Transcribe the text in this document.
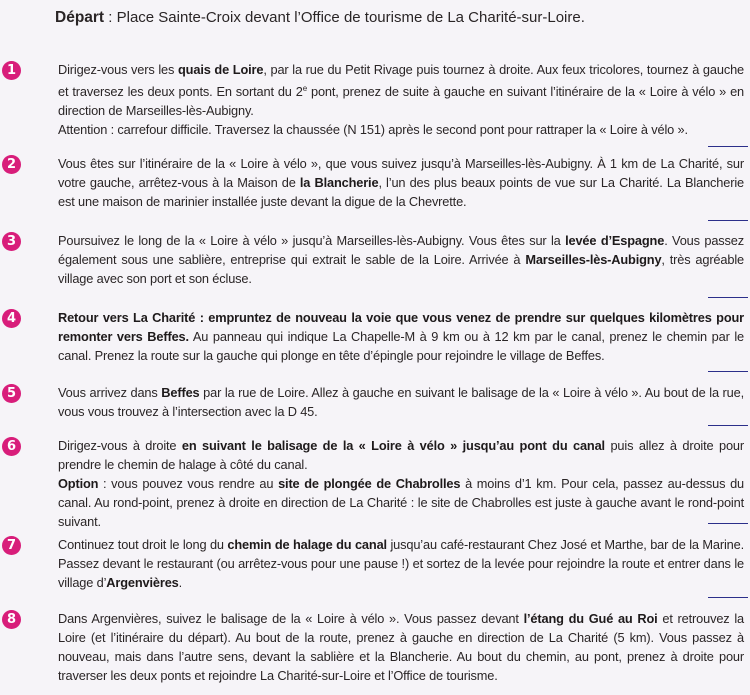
Départ : Place Sainte-Croix devant l’Office de tourisme de La Charité-sur-Loire.
1	Dirigez-vous vers les quais de Loire, par la rue du Petit Rivage puis tournez à droite. Aux feux tricolores, tournez à gauche et traversez les deux ponts. En sortant du 2e pont, prenez de suite à gauche en suivant l’itinéraire de la « Loire à vélo » en direction de Marseilles-lès-Aubigny.
Attention : carrefour difficile. Traversez la chaussée (N 151) après le second pont pour rattraper la « Loire à vélo ».
2	Vous êtes sur l’itinéraire de la « Loire à vélo », que vous suivez jusqu’à Marseilles-lès-Aubigny. À 1 km de La Charité, sur votre gauche, arrêtez-vous à la Maison de la Blancherie, l’un des plus beaux points de vue sur La Charité. La Blancherie est une maison de marinier installée juste devant la digue de la Chevrette.
3	Poursuivez le long de la « Loire à vélo » jusqu’à Marseilles-lès-Aubigny. Vous êtes sur la levée d’Espagne. Vous passez également sous une sablière, entreprise qui extrait le sable de la Loire. Arrivée à Marseilles-lès-Aubigny, très agréable village avec son port et son écluse.
4	Retour vers La Charité : empruntez de nouveau la voie que vous venez de prendre sur quelques kilomètres pour remonter vers Beffes. Au panneau qui indique La Chapelle-M à 9 km ou à 12 km par le canal, prenez le chemin par le canal. Prenez la route sur la gauche qui plonge en tête d’épingle pour rejoindre le village de Beffes.
5	Vous arrivez dans Beffes par la rue de Loire. Allez à gauche en suivant le balisage de la « Loire à vélo ». Au bout de la rue, vous vous trouvez à l’intersection avec la D 45.
6	Dirigez-vous à droite en suivant le balisage de la « Loire à vélo » jusqu’au pont du canal puis allez à droite pour prendre le chemin de halage à côté du canal.
Option : vous pouvez vous rendre au site de plongée de Chabrolles à moins d’1 km. Pour cela, passez au-dessus du canal. Au rond-point, prenez à droite en direction de La Charité : le site de Chabrolles est juste à gauche avant le rond-point suivant.
7	Continuez tout droit le long du chemin de halage du canal jusqu’au café-restaurant Chez José et Marthe, bar de la Marine. Passez devant le restaurant (ou arrêtez-vous pour une pause !) et sortez de la levée pour rejoindre la route et entrer dans le village d’Argenvières.
8	Dans Argenvières, suivez le balisage de la « Loire à vélo ». Vous passez devant l’étang du Gué au Roi et retrouvez la Loire (et l’itinéraire du départ). Au bout de la route, prenez à gauche en direction de La Charité (5 km). Vous passez à nouveau, mais dans l’autre sens, devant la sablière et la Blancherie. Au bout du chemin, au pont, prenez à droite pour traverser les deux ponts et rejoindre La Charité-sur-Loire et l’Office de tourisme.
